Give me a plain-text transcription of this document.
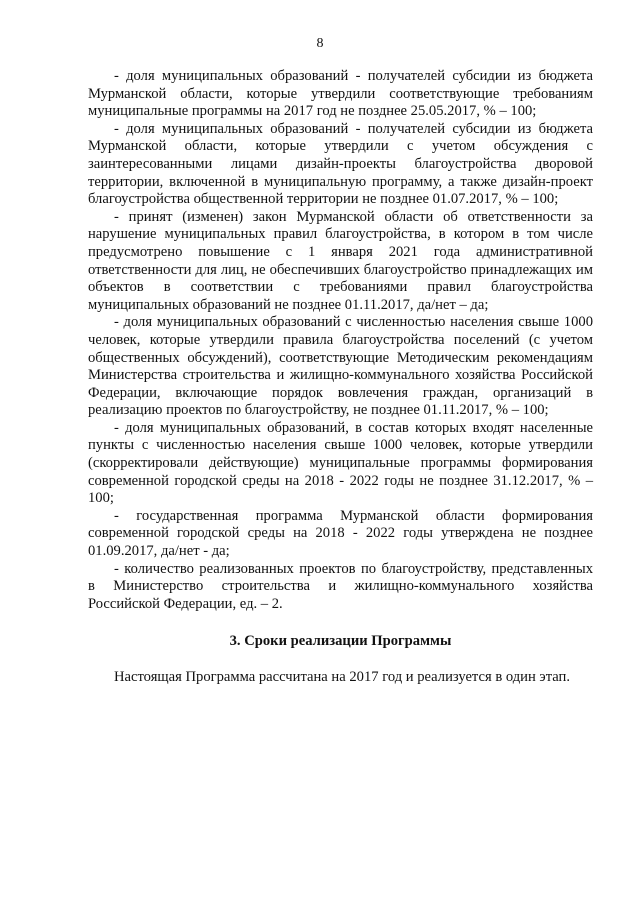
8

- доля муниципальных образований - получателей субсидии из бюджета Мурманской области, которые утвердили соответствующие требованиям муниципальные программы на 2017 год не позднее 25.05.2017, % – 100;

- доля муниципальных образований - получателей субсидии из бюджета Мурманской области, которые утвердили с учетом обсуждения с заинтересованными лицами дизайн-проекты благоустройства дворовой территории, включенной в муниципальную программу, а также дизайн-проект благоустройства общественной территории не позднее 01.07.2017, % – 100;

- принят (изменен) закон Мурманской области об ответственности за нарушение муниципальных правил благоустройства, в котором в том числе предусмотрено повышение с 1 января 2021 года административной ответственности для лиц, не обеспечивших благоустройство принадлежащих им объектов в соответствии с требованиями правил благоустройства муниципальных образований не позднее 01.11.2017, да/нет – да;

- доля муниципальных образований с численностью населения свыше 1000 человек, которые утвердили правила благоустройства поселений (с учетом общественных обсуждений), соответствующие Методическим рекомендациям Министерства строительства и жилищно-коммунального хозяйства Российской Федерации, включающие порядок вовлечения граждан, организаций в реализацию проектов по благоустройству, не позднее 01.11.2017, % – 100;

- доля муниципальных образований, в состав которых входят населенные пункты с численностью населения свыше 1000 человек, которые утвердили (скорректировали действующие) муниципальные программы формирования современной городской среды на 2018 - 2022 годы не позднее 31.12.2017, % – 100;

- государственная программа Мурманской области формирования современной городской среды на 2018 - 2022 годы утверждена не позднее 01.09.2017, да/нет - да;

- количество реализованных проектов по благоустройству, представленных в Министерство строительства и жилищно-коммунального хозяйства Российской Федерации, ед. – 2.

3. Сроки реализации Программы

Настоящая Программа рассчитана на 2017 год и реализуется в один этап.
